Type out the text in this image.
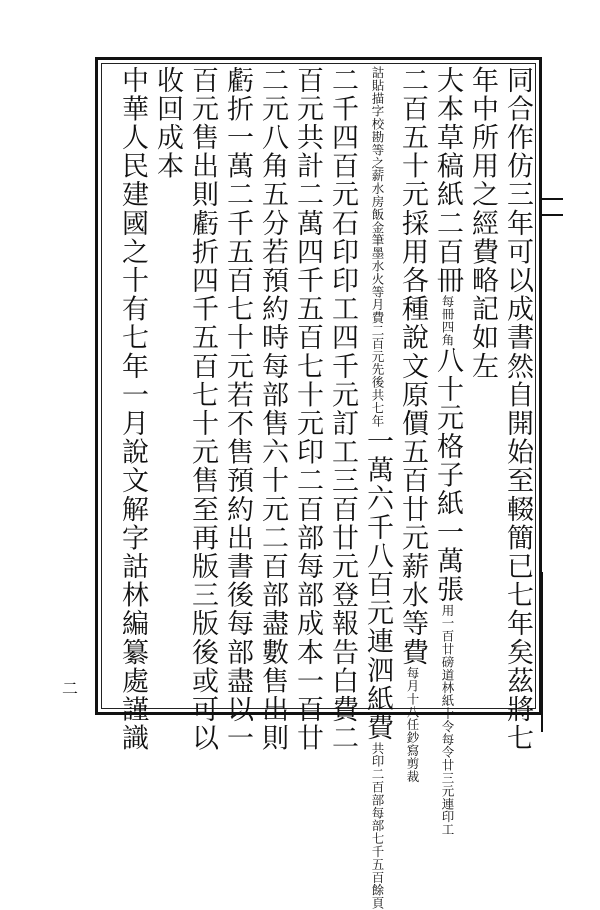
同合作仿三年可以成書然自開始至輟簡已七年矣茲將七
年中所用之經費略記如左
大本草稿紙二百冊每冊四角八十元格子紙一萬張用一百廿磅道林紙十令每令廿三元連印工
二百五十元採用各種說文原價五百廿元薪水等費每月十八任鈔寫剪裁
詁貼描字校勘等之薪水房飯金筆墨水火等月費二百元先後共七年一萬六千八百元連泗紙費共印二百部每部七千五百餘頁
二千四百元石印印工四千元訂工三百廿元登報告白費二
百元共計二萬四千五百七十元印二百部每部成本一百廿
二元八角五分若預約時每部售六十元二百部盡數售出則
虧折一萬二千五百七十元若不售預約出書後每部盡以一
百元售出則虧折四千五百七十元售至再版三版後或可以
收回成本
中華人民建國之十有七年一月說文解字詁林編纂處謹識
二
